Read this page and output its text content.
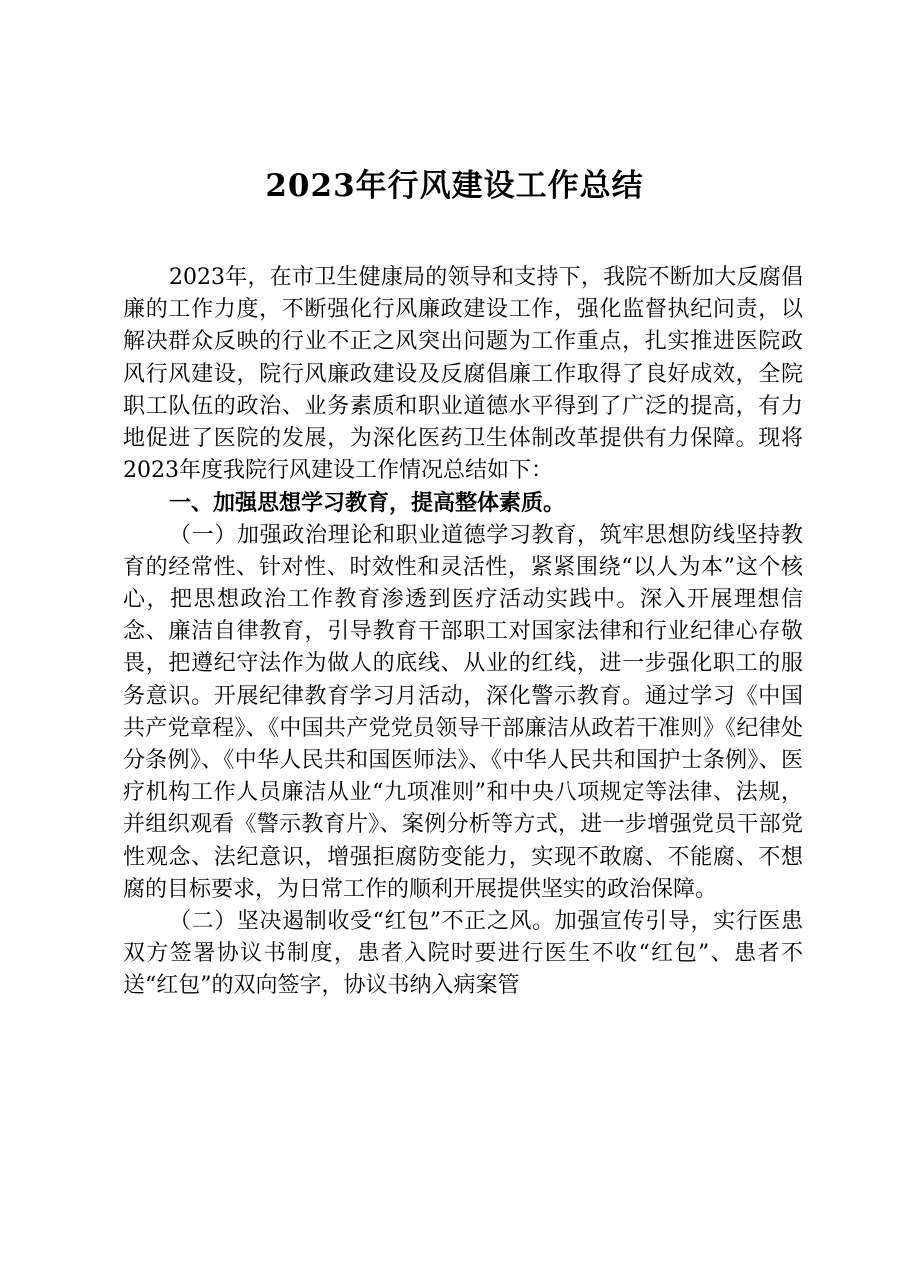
2023年行风建设工作总结

2023年，在市卫生健康局的领导和支持下，我院不断加大反腐倡廉的工作力度，不断强化行风廉政建设工作，强化监督执纪问责，以解决群众反映的行业不正之风突出问题为工作重点，扎实推进医院政风行风建设，院行风廉政建设及反腐倡廉工作取得了良好成效，全院职工队伍的政治、业务素质和职业道德水平得到了广泛的提高，有力地促进了医院的发展，为深化医药卫生体制改革提供有力保障。现将2023年度我院行风建设工作情况总结如下：

一、加强思想学习教育，提高整体素质。

（一）加强政治理论和职业道德学习教育，筑牢思想防线坚持教育的经常性、针对性、时效性和灵活性，紧紧围绕“以人为本”这个核心，把思想政治工作教育渗透到医疗活动实践中。深入开展理想信念、廉洁自律教育，引导教育干部职工对国家法律和行业纪律心存敬畏，把遵纪守法作为做人的底线、从业的红线，进一步强化职工的服务意识。开展纪律教育学习月活动，深化警示教育。通过学习《中国共产党章程》、《中国共产党党员领导干部廉洁从政若干准则》《纪律处分条例》、《中华人民共和国医师法》、《中华人民共和国护士条例》、医疗机构工作人员廉洁从业“九项准则”和中央八项规定等法律、法规，并组织观看《警示教育片》、案例分析等方式，进一步增强党员干部党性观念、法纪意识，增强拒腐防变能力，实现不敢腐、不能腐、不想腐的目标要求，为日常工作的顺利开展提供坚实的政治保障。

（二）坚决遏制收受“红包”不正之风。加强宣传引导，实行医患双方签署协议书制度，患者入院时要进行医生不收“红包”、患者不送“红包”的双向签字，协议书纳入病案管
